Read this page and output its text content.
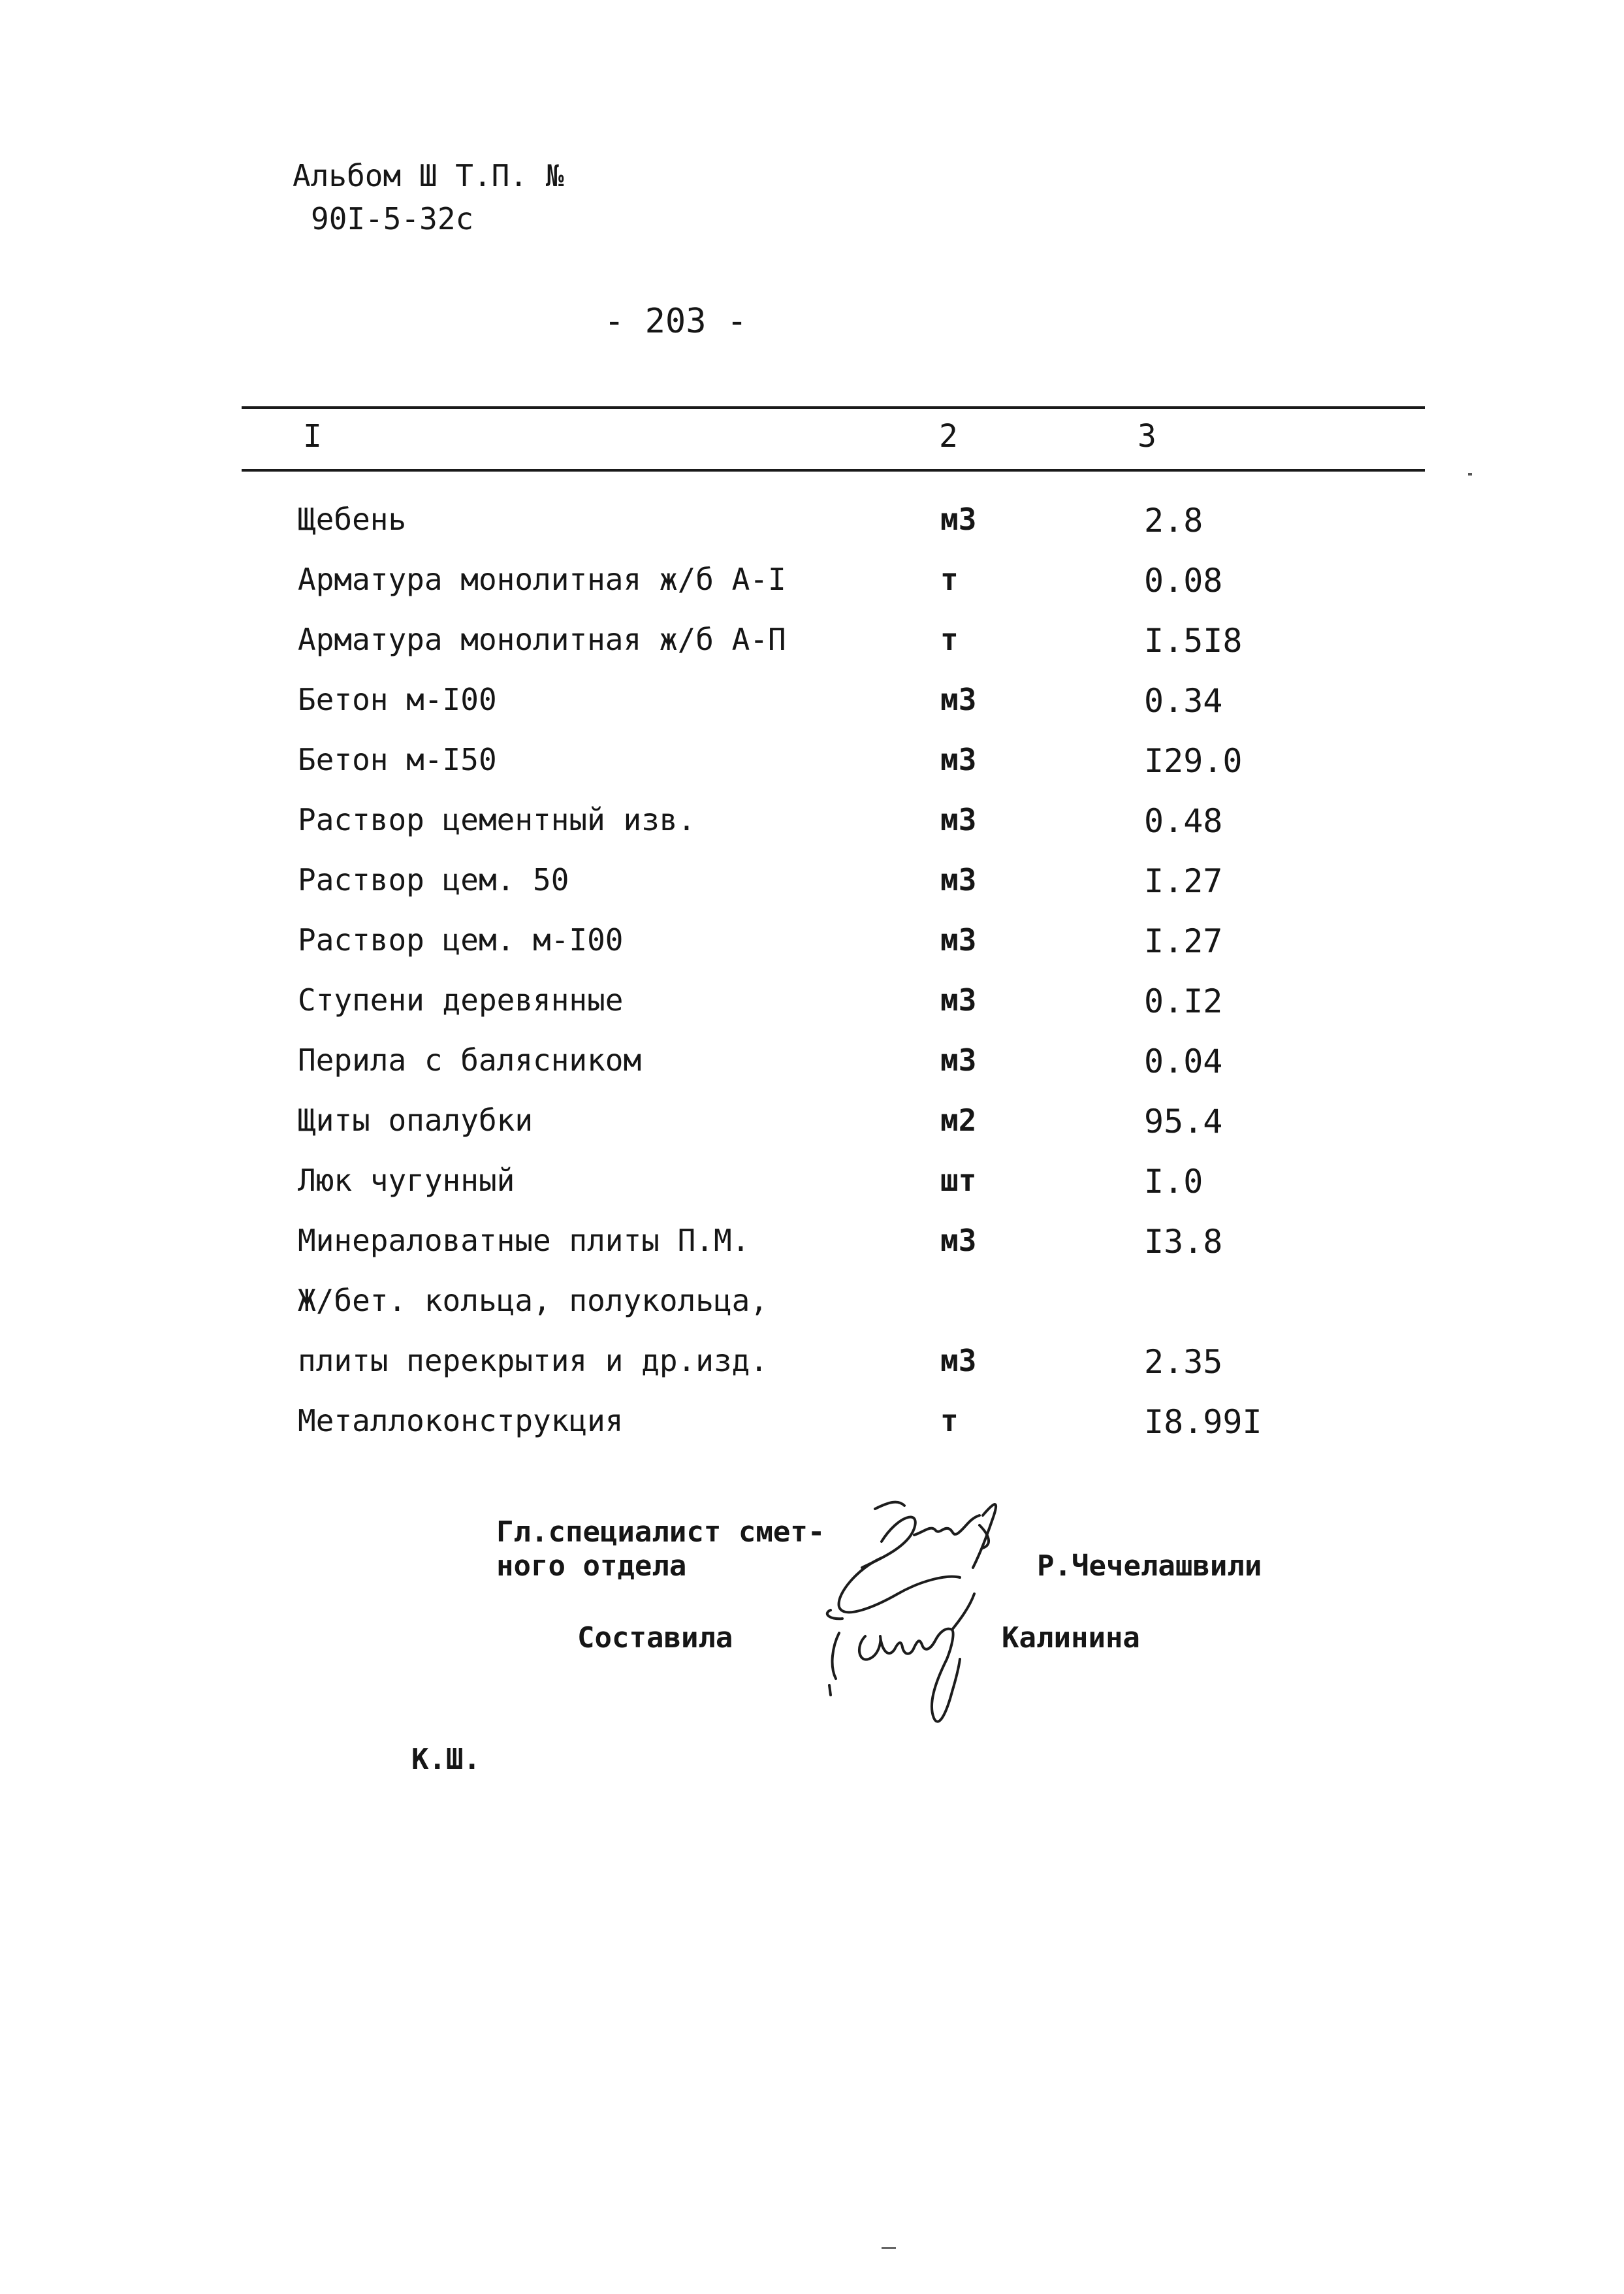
Альбом Ш Т.П. №
90I-5-32с
- 203 -
I	2	3
Щебень	м3	2.8
Арматура монолитная ж/б А-I	т	0.08
Арматура монолитная ж/б А-П	т	I.5I8
Бетон м-I00	м3	0.34
Бетон м-I50	м3	I29.0
Раствор цементный изв.	м3	0.48
Раствор цем. 50	м3	I.27
Раствор цем. м-I00	м3	I.27
Ступени деревянные	м3	0.I2
Перила с балясником	м3	0.04
Щиты опалубки	м2	95.4
Люк чугунный	шт	I.0
Минераловатные плиты П.М.	м3	I3.8
Ж/бет. кольца, полукольца,
плиты перекрытия и др.изд.	м3	2.35
Металлоконструкция	т	I8.99I
Гл.специалист смет-
ного отдела	Р.Чечелашвили
Составила	Калинина
К.Ш.
